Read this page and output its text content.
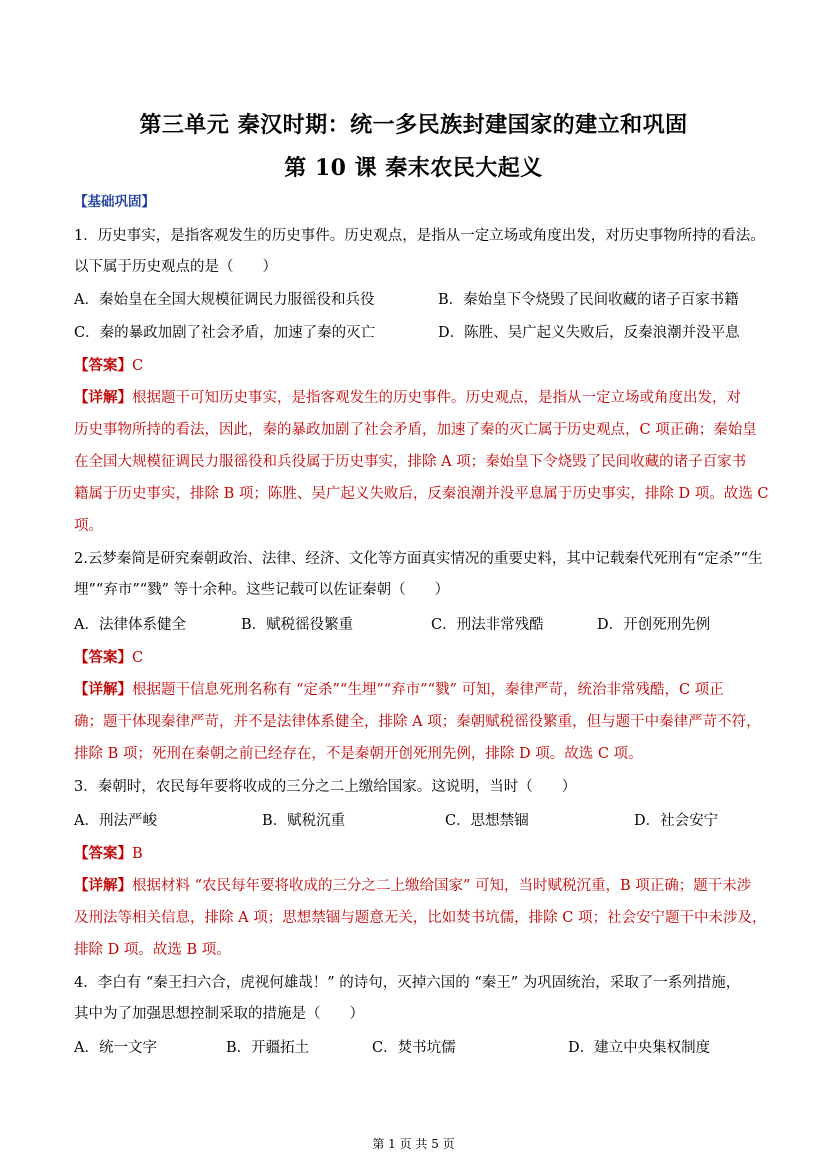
第三单元 秦汉时期：统一多民族封建国家的建立和巩固
第 10 课 秦末农民大起义
【基础巩固】
1．历史事实，是指客观发生的历史事件。历史观点，是指从一定立场或角度出发，对历史事物所持的看法。
以下属于历史观点的是（　　）
A．秦始皇在全国大规模征调民力服徭役和兵役	B．秦始皇下令烧毁了民间收藏的诸子百家书籍
C．秦的暴政加剧了社会矛盾，加速了秦的灭亡	D．陈胜、吴广起义失败后，反秦浪潮并没平息
【答案】C
【详解】根据题干可知历史事实，是指客观发生的历史事件。历史观点，是指从一定立场或角度出发，对
历史事物所持的看法，因此，秦的暴政加剧了社会矛盾，加速了秦的灭亡属于历史观点，C 项正确；秦始皇
在全国大规模征调民力服徭役和兵役属于历史事实，排除 A 项；秦始皇下令烧毁了民间收藏的诸子百家书
籍属于历史事实，排除 B 项；陈胜、吴广起义失败后，反秦浪潮并没平息属于历史事实，排除 D 项。故选 C
项。
2.云梦秦简是研究秦朝政治、法律、经济、文化等方面真实情况的重要史料，其中记载秦代死刑有“定杀”“生
埋”“弃市”“戮” 等十余种。这些记载可以佐证秦朝（　　）
A．法律体系健全	B．赋税徭役繁重	C．刑法非常残酷	D．开创死刑先例
【答案】C
【详解】根据题干信息死刑名称有 “定杀”“生埋”“弃市”“戮” 可知，秦律严苛，统治非常残酷，C 项正
确；题干体现秦律严苛，并不是法律体系健全，排除 A 项；秦朝赋税徭役繁重，但与题干中秦律严苛不符，
排除 B 项；死刑在秦朝之前已经存在，不是秦朝开创死刑先例，排除 D 项。故选 C 项。
3．秦朝时，农民每年要将收成的三分之二上缴给国家。这说明，当时（　　）
A．刑法严峻	B．赋税沉重	C．思想禁锢	D．社会安宁
【答案】B
【详解】根据材料 “农民每年要将收成的三分之二上缴给国家” 可知，当时赋税沉重，B 项正确；题干未涉
及刑法等相关信息，排除 A 项；思想禁锢与题意无关，比如焚书坑儒，排除 C 项；社会安宁题干中未涉及，
排除 D 项。故选 B 项。
4．李白有 “秦王扫六合，虎视何雄哉！” 的诗句，灭掉六国的 “秦王” 为巩固统治，采取了一系列措施，
其中为了加强思想控制采取的措施是（　　）
A．统一文字	B．开疆拓土	C．焚书坑儒	D．建立中央集权制度
第 1 页 共 5 页
